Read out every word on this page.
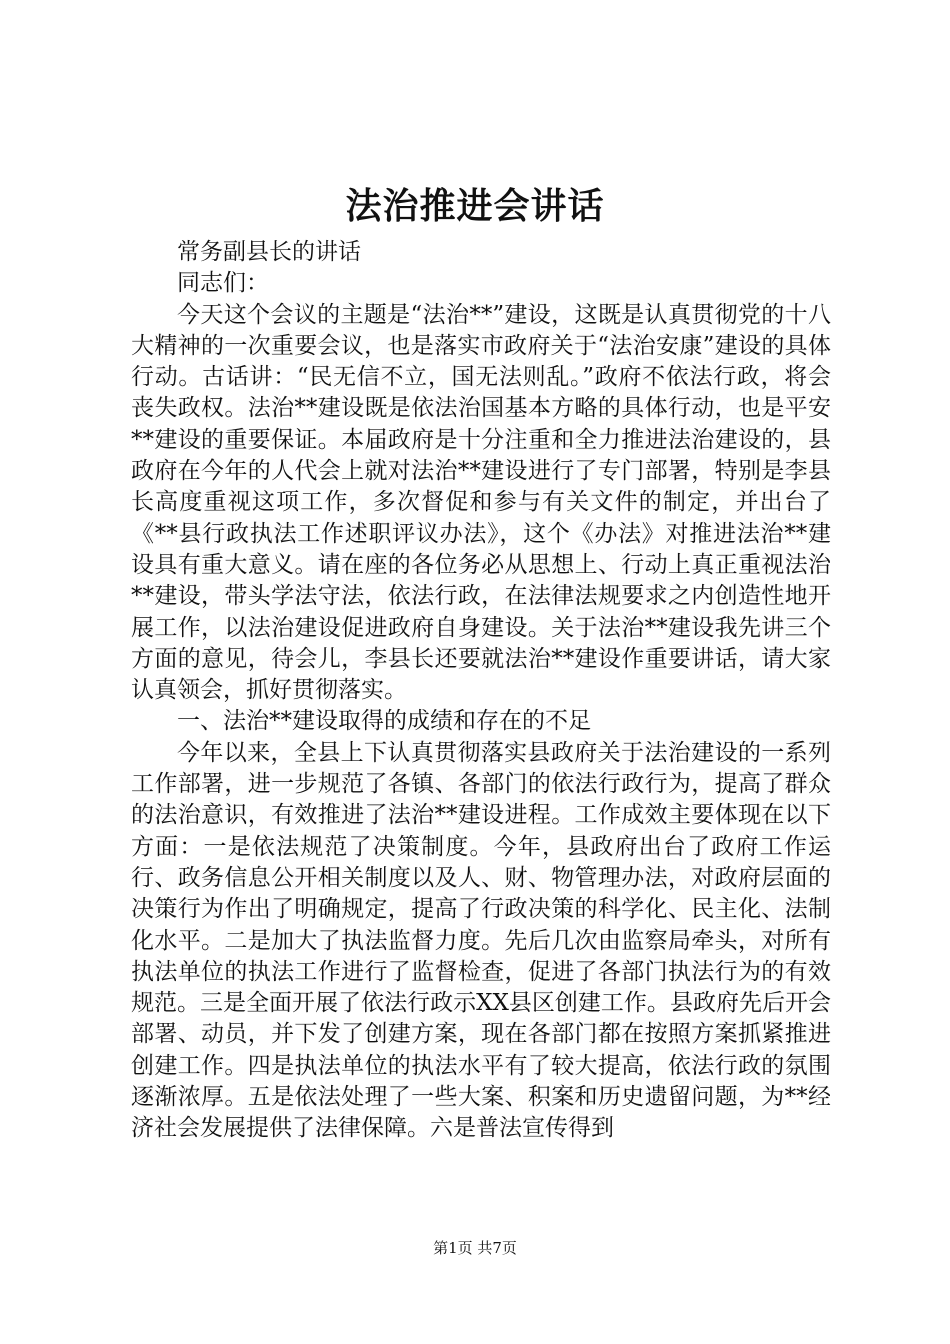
法治推进会讲话

常务副县长的讲话

同志们：

今天这个会议的主题是“法治**”建设，这既是认真贯彻党的十八大精神的一次重要会议，也是落实市政府关于“法治安康”建设的具体行动。古话讲：“民无信不立，国无法则乱。”政府不依法行政，将会丧失政权。法治**建设既是依法治国基本方略的具体行动，也是平安**建设的重要保证。本届政府是十分注重和全力推进法治建设的，县政府在今年的人代会上就对法治**建设进行了专门部署，特别是李县长高度重视这项工作，多次督促和参与有关文件的制定，并出台了《**县行政执法工作述职评议办法》，这个《办法》对推进法治**建设具有重大意义。请在座的各位务必从思想上、行动上真正重视法治**建设，带头学法守法，依法行政，在法律法规要求之内创造性地开展工作，以法治建设促进政府自身建设。关于法治**建设我先讲三个方面的意见，待会儿，李县长还要就法治**建设作重要讲话，请大家认真领会，抓好贯彻落实。

一、法治**建设取得的成绩和存在的不足

今年以来，全县上下认真贯彻落实县政府关于法治建设的一系列工作部署，进一步规范了各镇、各部门的依法行政行为，提高了群众的法治意识，有效推进了法治**建设进程。工作成效主要体现在以下方面：一是依法规范了决策制度。今年，县政府出台了政府工作运行、政务信息公开相关制度以及人、财、物管理办法，对政府层面的决策行为作出了明确规定，提高了行政决策的科学化、民主化、法制化水平。二是加大了执法监督力度。先后几次由监察局牵头，对所有执法单位的执法工作进行了监督检查，促进了各部门执法行为的有效规范。三是全面开展了依法行政示XX县区创建工作。县政府先后开会部署、动员，并下发了创建方案，现在各部门都在按照方案抓紧推进创建工作。四是执法单位的执法水平有了较大提高，依法行政的氛围逐渐浓厚。五是依法处理了一些大案、积案和历史遗留问题，为**经济社会发展提供了法律保障。六是普法宣传得到

第1页 共7页
